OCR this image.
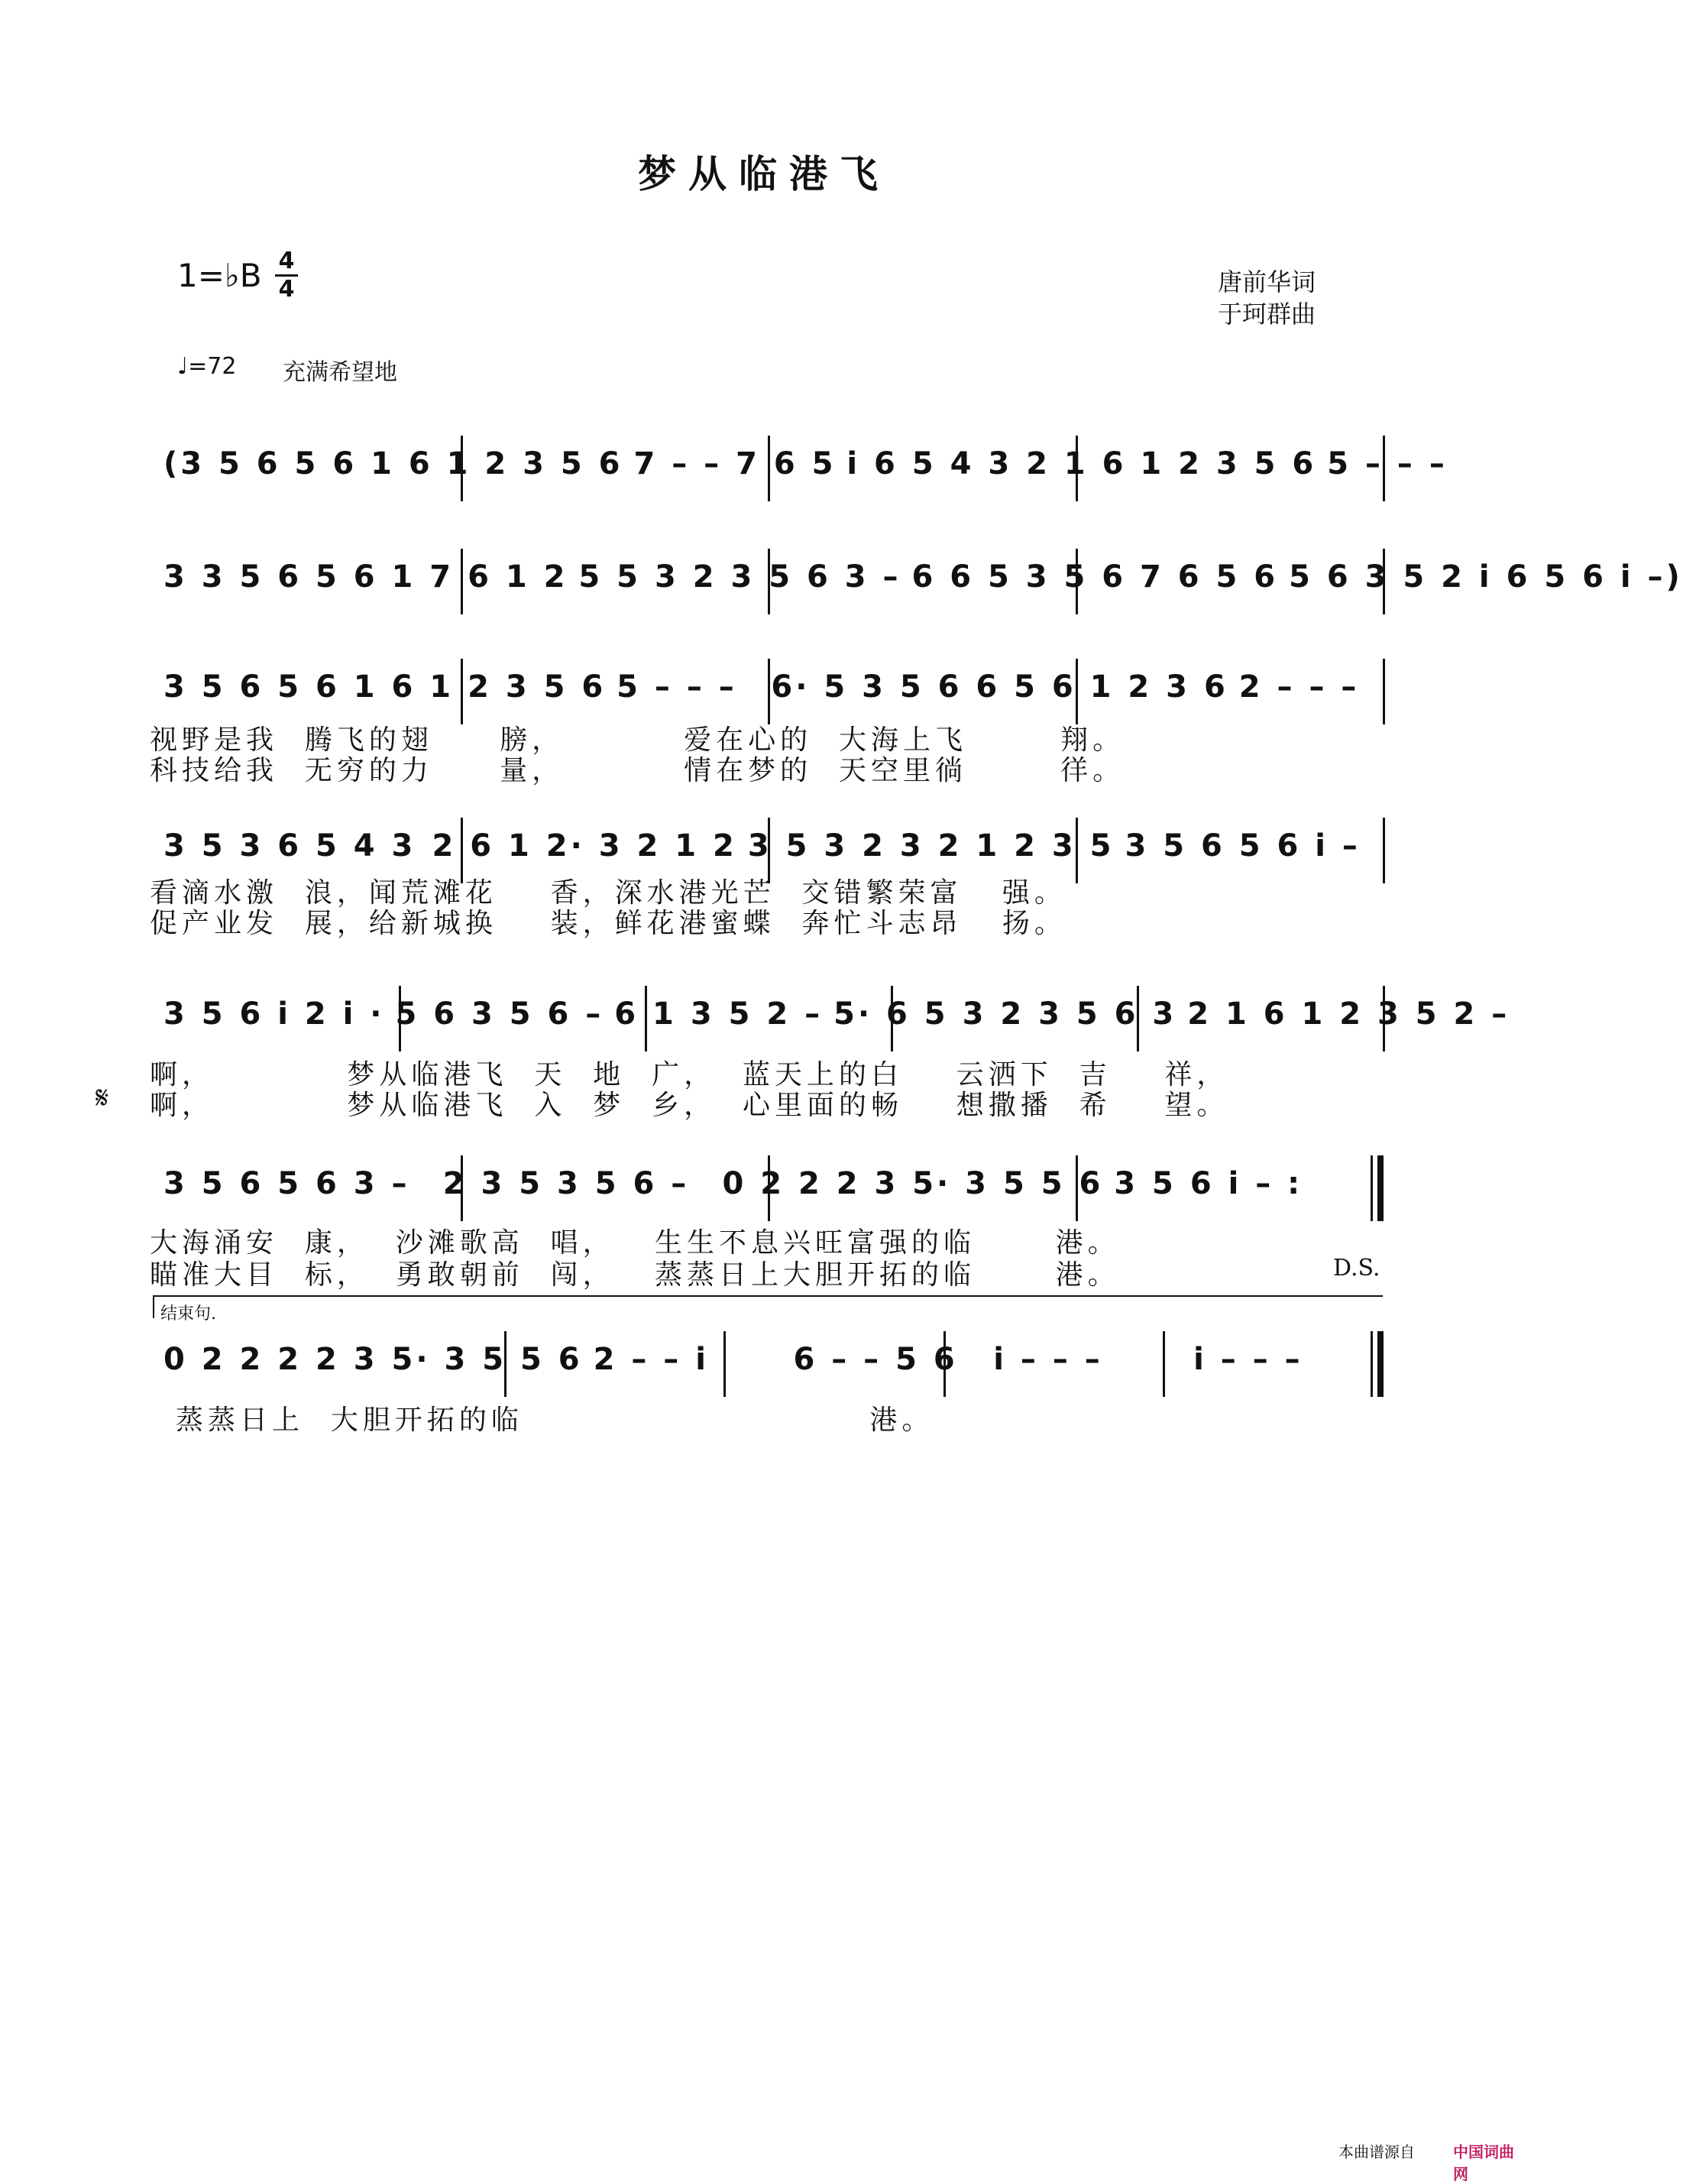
梦从临港飞
1=♭B 4
4	唐前华词
于珂群曲
♩=72 充满希望地
(3 5 6 5 6 1 6 1 2 3 5 6 7 – – 7 6 5 i 6 5 4 3 2 1 6 1 2 3 5 6 5 – – –
3 3 5 6 5 6 1 7 6 1 2 5 5 3 2 3 5 6 3 – 6 6 5 3 5 6 7 6 5 6 5 6 3 5 2 i 6 5 6 i –)
3 5 6 5 6 1 6 1 2 3 5 6 5 – – –	6· 5 3 5 6 6 5 6 1 2 3 6 2 – – –
视野是我  腾飞的翅     膀，         爱在心的  大海上飞       翔。
科技给我  无穷的力     量，         情在梦的  天空里徜       徉。
3 5 3 6 5 4 3 2 6 1 2· 3 2 1 2 3 5 3 2 3 2 1 2 3 5 3 5 6 5 6 i –
看滴水激  浪，闻荒滩花    香，深水港光芒  交错繁荣富   强。
促产业发  展，给新城换    装，鲜花港蜜蝶  奔忙斗志昂   扬。
3 5 6 i 2 i · 5 6 3 5 6 – 6 1 3 5 2 – 5· 6 5 3 2 3 5 6 3 2 1 6 1 2 3 5 2 –
啊，          梦从临港飞  天  地  广，  蓝天上的白    云洒下  吉    祥，
𝄋 啊，          梦从临港飞  入  梦  乡，  心里面的畅    想撒播  希    望。
3 5 6 5 6 3 –	2 3 5 3 5 6 –	0 2 2 2 3 5· 3 5 5 6 3 5 6 i – :
大海涌安  康，  沙滩歌高  唱，   生生不息兴旺富强的临      港。
瞄准大目  标，  勇敢朝前  闯，   蒸蒸日上大胆开拓的临      港。	D.S.
结束句.
0 2 2 2 2 3 5· 3 5 5 6 2 – – i	6 – – 5 6	i – – –	i – – –
蒸蒸日上  大胆开拓的临                          港。
本曲谱源自	中国词曲网
